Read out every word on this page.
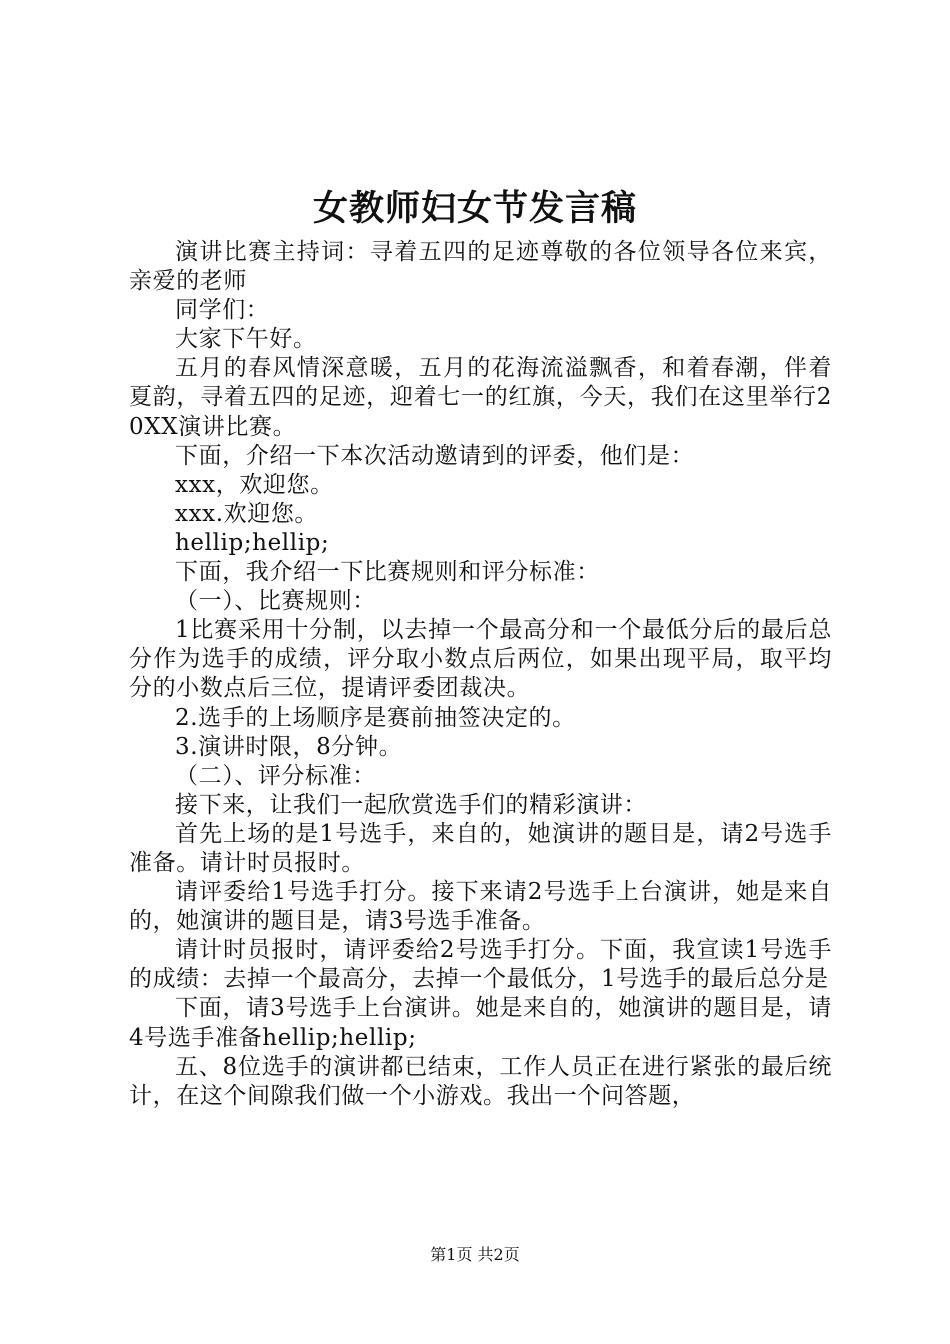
女教师妇女节发言稿

演讲比赛主持词：寻着五四的足迹尊敬的各位领导各位来宾，亲爱的老师

同学们：

大家下午好。

五月的春风情深意暖，五月的花海流溢飘香，和着春潮，伴着夏韵，寻着五四的足迹，迎着七一的红旗，今天，我们在这里举行20XX演讲比赛。

下面，介绍一下本次活动邀请到的评委，他们是：

xxx，欢迎您。

xxx.欢迎您。

hellip;hellip;

下面，我介绍一下比赛规则和评分标准：

（一）、比赛规则：

1比赛采用十分制，以去掉一个最高分和一个最低分后的最后总分作为选手的成绩，评分取小数点后两位，如果出现平局，取平均分的小数点后三位，提请评委团裁决。

2.选手的上场顺序是赛前抽签决定的。

3.演讲时限，8分钟。

（二）、评分标准：

接下来，让我们一起欣赏选手们的精彩演讲：

首先上场的是1号选手，来自的，她演讲的题目是，请2号选手准备。请计时员报时。

请评委给1号选手打分。接下来请2号选手上台演讲，她是来自的，她演讲的题目是，请3号选手准备。

请计时员报时，请评委给2号选手打分。下面，我宣读1号选手的成绩：去掉一个最高分，去掉一个最低分，1号选手的最后总分是

下面，请3号选手上台演讲。她是来自的，她演讲的题目是，请4号选手准备hellip;hellip;

五、8位选手的演讲都已结束，工作人员正在进行紧张的最后统计，在这个间隙我们做一个小游戏。我出一个问答题，

第1页 共2页
